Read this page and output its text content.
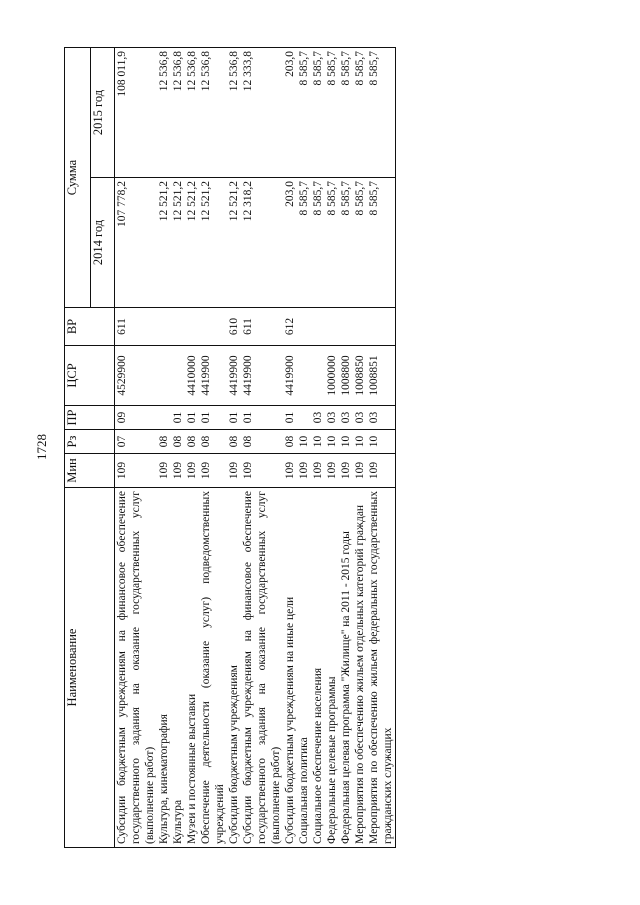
1728
Наименование	Мин	Рз	ПР	ЦСР	ВР	Сумма	
						2014 год	2015 год
Субсидии бюджетным учреждениям на финансовое обеспечение государственного задания на оказание государственных услуг (выполнение работ)	109	07	09	4529900	611	107 778,2	108 011,9
Культура, кинематография	109	08				12 521,2	12 536,8
Культура	109	08	01			12 521,2	12 536,8
Музеи и постоянные выставки	109	08	01	4410000		12 521,2	12 536,8
Обеспечение деятельности (оказание услуг) подведомственных учреждений	109	08	01	4419900		12 521,2	12 536,8
Субсидии бюджетным учреждениям	109	08	01	4419900	610	12 521,2	12 536,8
Субсидии бюджетным учреждениям на финансовое обеспечение государственного задания на оказание государственных услуг (выполнение работ)	109	08	01	4419900	611	12 318,2	12 333,8
Субсидии бюджетным учреждениям на иные цели	109	08	01	4419900	612	203,0	203,0
Социальная политика	109	10				8 585,7	8 585,7
Социальное обеспечение населения	109	10	03			8 585,7	8 585,7
Федеральные целевые программы	109	10	03	1000000		8 585,7	8 585,7
Федеральная целевая программа "Жилище" на 2011 - 2015 годы	109	10	03	1008800		8 585,7	8 585,7
Мероприятия по обеспечению жильем отдельных категорий граждан	109	10	03	1008850		8 585,7	8 585,7
Мероприятия по обеспечению жильем федеральных государственных гражданских служащих	109	10	03	1008851		8 585,7	8 585,7
